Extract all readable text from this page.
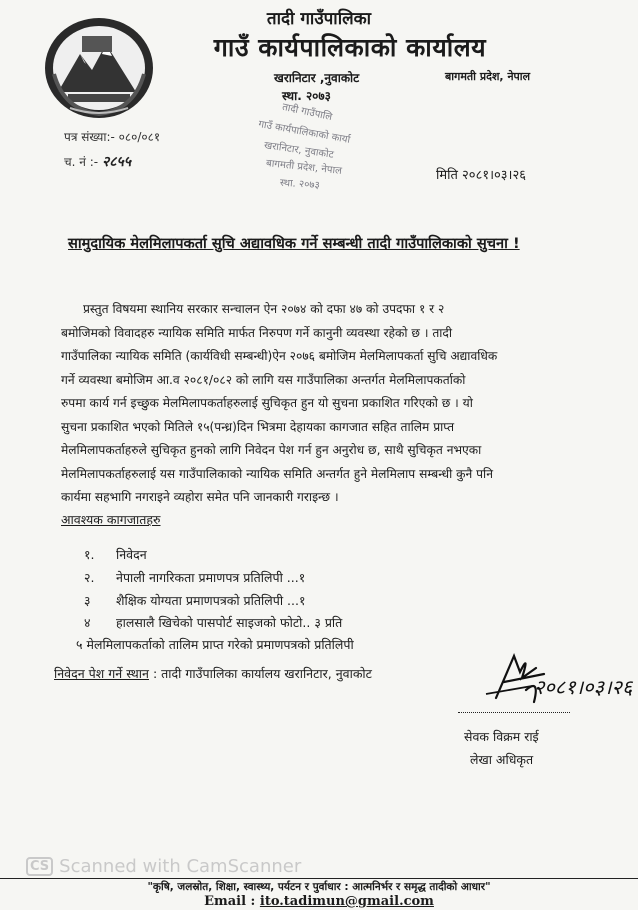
तादी गाउँपालिका
गाउँ कार्यपालिकाको कार्यालय
खरानिटार ,नुवाकोट
स्था. २०७३
बागमती प्रदेश, नेपाल
पत्र संख्या:- ०८०/०८१
च. नं :- २८५५
तादी गाउँपालि
गाउँ कार्यपालिकाको कार्या
खरानिटार, नुवाकोट
बागमती प्रदेश, नेपाल
स्था. २०७३
मिति २०८१।०३।२६
सामुदायिक मेलमिलापकर्ता सुचि अद्यावधिक गर्ने सम्बन्धी तादी गाउँपालिकाको सुचना !
प्रस्तुत विषयमा स्थानिय सरकार सन्चालन ऐन २०७४ को दफा ४७ को उपदफा १ र २
बमोजिमको विवादहरु न्यायिक समिति मार्फत निरुपण गर्ने कानुनी व्यवस्था रहेको छ । तादी
गाउँपालिका न्यायिक समिति (कार्यविधी सम्बन्धी)ऐन २०७६ बमोजिम मेलमिलापकर्ता सुचि अद्यावधिक
गर्ने व्यवस्था बमोजिम आ.व २०८१/०८२ को लागि यस गाउँपालिका अन्तर्गत मेलमिलापकर्ताको
रुपमा कार्य गर्न इच्छुक मेलमिलापकर्ताहरुलाई सुचिकृत हुन यो सुचना प्रकाशित गरिएको छ । यो
सुचना प्रकाशित भएको मितिले १५(पन्ध्र)दिन भित्रमा देहायका कागजात सहित तालिम प्राप्त
मेलमिलापकर्ताहरुले सुचिकृत हुनको लागि निवेदन पेश गर्न हुन अनुरोध छ, साथै सुचिकृत नभएका
मेलमिलापकर्ताहरुलाई यस गाउँपालिकाको न्यायिक समिति अन्तर्गत हुने मेलमिलाप सम्बन्धी कुनै पनि
कार्यमा सहभागि नगराइने व्यहोरा समेत पनि जानकारी गराइन्छ ।
आवश्यक कागजातहरु
१. निवेदन
२. नेपाली नागरिकता प्रमाणपत्र प्रतिलिपी ...१
३ शैक्षिक योग्यता प्रमाणपत्रको प्रतिलिपी ...१
४ हालसालै खिचेको पासपोर्ट साइजको फोटो.. ३ प्रति
५ मेलमिलापकर्ताको तालिम प्राप्त गरेको प्रमाणपत्रको प्रतिलिपी
निवेदन पेश गर्ने स्थान : तादी गाउँपालिका कार्यालय खरानिटार, नुवाकोट
२०८१।०३।२६
सेवक विक्रम राई
लेखा अधिकृत
CS Scanned with CamScanner
"कृषि, जलस्रोत, शिक्षा, स्वास्थ्य, पर्यटन र पुर्वाधार : आत्मनिर्भर र समृद्ध तादीको आधार"
Email : ito.tadimun@gmail.com
